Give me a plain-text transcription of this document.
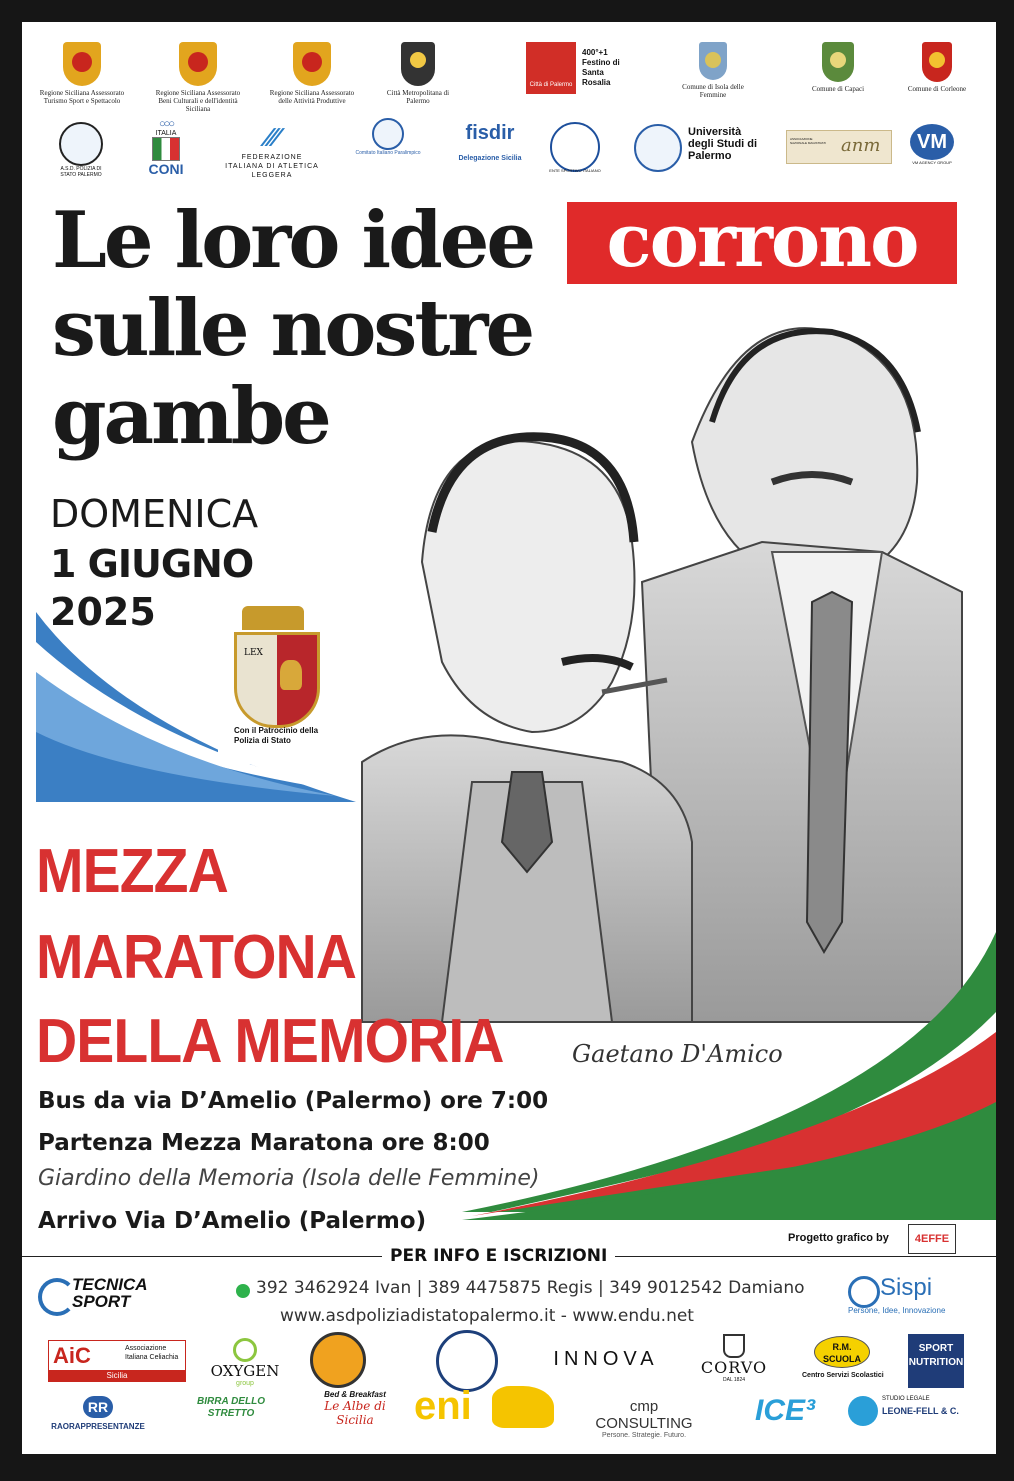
Regione Siciliana Assessorato Turismo Sport e Spettacolo
Regione Siciliana Assessorato Beni Culturali e dell'identità Siciliana
Regione Siciliana Assessorato delle Attività Produttive
Città Metropolitana di Palermo
Città di Palermo
400°+1 Festino di Santa Rosalia	Comune di Isola delle Femmine
Comune di Capaci	Comune di Corleone
A.S.D. POLIZIA DI STATO PALERMO
○○○
ITALIA
CONI
∕∕∕
FEDERAZIONE ITALIANA DI ATLETICA LEGGERA
Comitato Italiano Paralimpico
fisdir
Delegazione Sicilia
ENTE SPORTIVO ITALIANO
Università degli Studi di Palermo
ASSOCIAZIONE NAZIONALE MAGISTRATI anm	VM
VM AGENCY GROUP
Gaetano D'Amico
Le loro idee corrono
sulle nostre
gambe
DOMENICA
1 GIUGNO
2025
LEX
Con il Patrocinio della Polizia di Stato
MEZZA
MARATONA
DELLA MEMORIA
Bus da via D’Amelio (Palermo) ore 7:00
Partenza Mezza Maratona ore 8:00
Giardino della Memoria (Isola delle Femmine)
Arrivo Via D’Amelio (Palermo)
Progetto grafico by	4EFFE
PER INFO E ISCRIZIONI
392 3462924 Ivan | 389 4475875 Regis | 349 9012542 Damiano
www.asdpoliziadistatopalermo.it - www.endu.net
TECNICA SPORT
Sispi
Persone, Idee, Innovazione
AiC	Associazione Italiana Celiachia
Sicilia	OXYGEN
group
INNOVA	CORVO
DAL 1824
R.M. SCUOLA
Centro Servizi Scolastici
SPORT NUTRITION
RR
RAORAPPRESENTANZE
BIRRA DELLO STRETTO
Bed & Breakfast
Le Albe di Sicilia	eni	cmp CONSULTING
Persone. Strategie. Futuro.
ICE³	STUDIO LEGALE
LEONE-FELL & C.
